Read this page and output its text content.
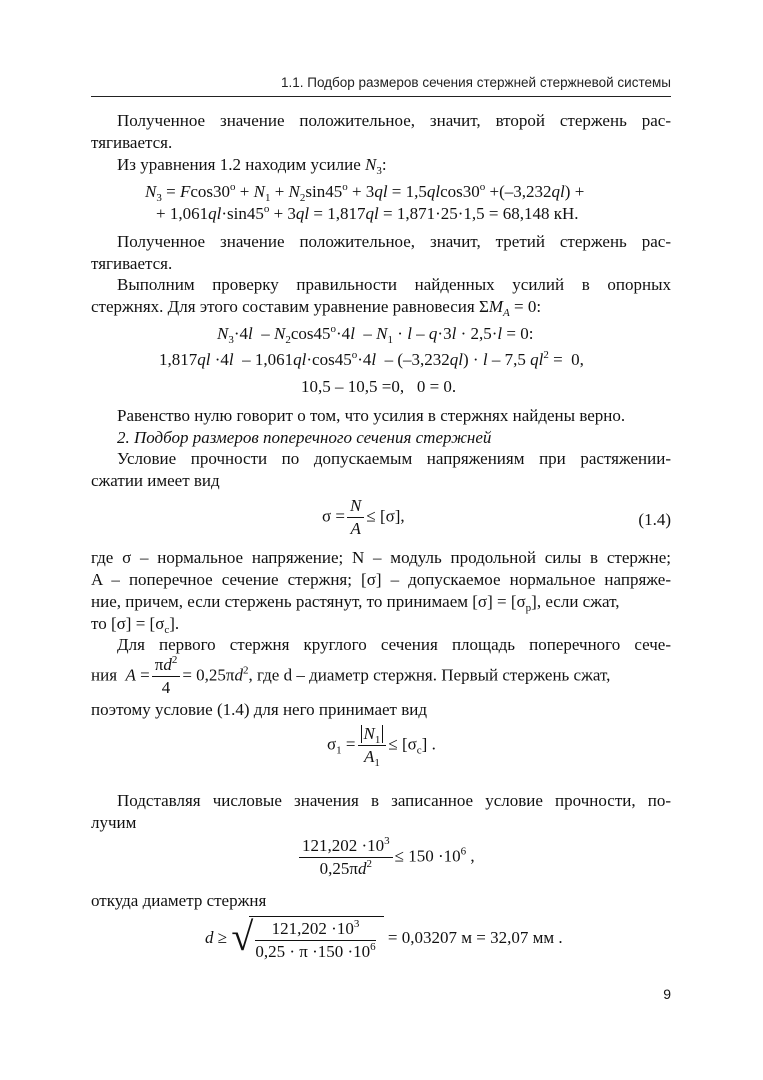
1.1. Подбор размеров сечения стержней стержневой системы
Полученное значение положительное, значит, второй стержень рас-
тягивается.
Из уравнения 1.2 находим усилие $N_3$:
$N_3 = Fcos30^o + N_1 + N_2\sin 45^o + 3ql = 1,5qlcos30^o +(-3,232ql)$ +
+ $1,061ql\cdot\sin 45^o + 3ql = 1,817ql = 1,871\cdot 25\cdot 1,5 = 68,148$ кН.
Полученное значение положительное, значит, третий стержень рас-
тягивается.
Выполним проверку правильности найденных усилий в опорных
стержнях. Для этого составим уравнение равновесия $\Sigma M_A = 0$:
$N_3\cdot 4l - N_2\cos 45^o\cdot 4l - N_1 \cdot l - q\cdot 3l \cdot 2,5\cdot l = 0$:
$1,817ql \cdot 4l - 1,061ql\cdot\cos 45^o\cdot 4l - (-3,232ql) \cdot l - 7,5$ $ql^2 = 0$,
10,5 – 10,5 =0,   0 = 0.
Равенство нулю говорит о том, что усилия в стержнях найдены верно.
2. Подбор размеров поперечного сечения стержней
Условие прочности по допускаемым напряжениям при растяжении-
сжатии имеет вид
$\sigma = \frac{N}{A} \le [\sigma]$,	(1.4)
где σ – нормальное напряжение; N – модуль продольной силы в стержне;
A – поперечное сечение стержня; [σ] – допускаемое нормальное напряже-
ние, причем, если стержень растянут, то принимаем $[\sigma] = [\sigma_р]$, если сжат,
то $[\sigma] = [\sigma_с]$.
Для первого стержня круглого сечения площадь поперечного сече-
ния $A = \frac{\pi d^2}{4} = 0,25\pi d^2$, где d – диаметр стержня. Первый стержень сжат,
поэтому условие (1.4) для него принимает вид
$\sigma_1 = \frac{N_1}{A_1} \le [\sigma_с]$ .
Подставляя числовые значения в записанное условие прочности, по-
лучим
$\frac{121,202 \cdot 10^3}{0,25\pi d^2} \le 150 \cdot 10^6$ ,
откуда диаметр стержня
d ≥ √ $\frac{121,202 \cdot 10^3}{0,25 \cdot \pi \cdot 150 \cdot 10^6} = 0,03207$ м = 32,07 мм .
9
